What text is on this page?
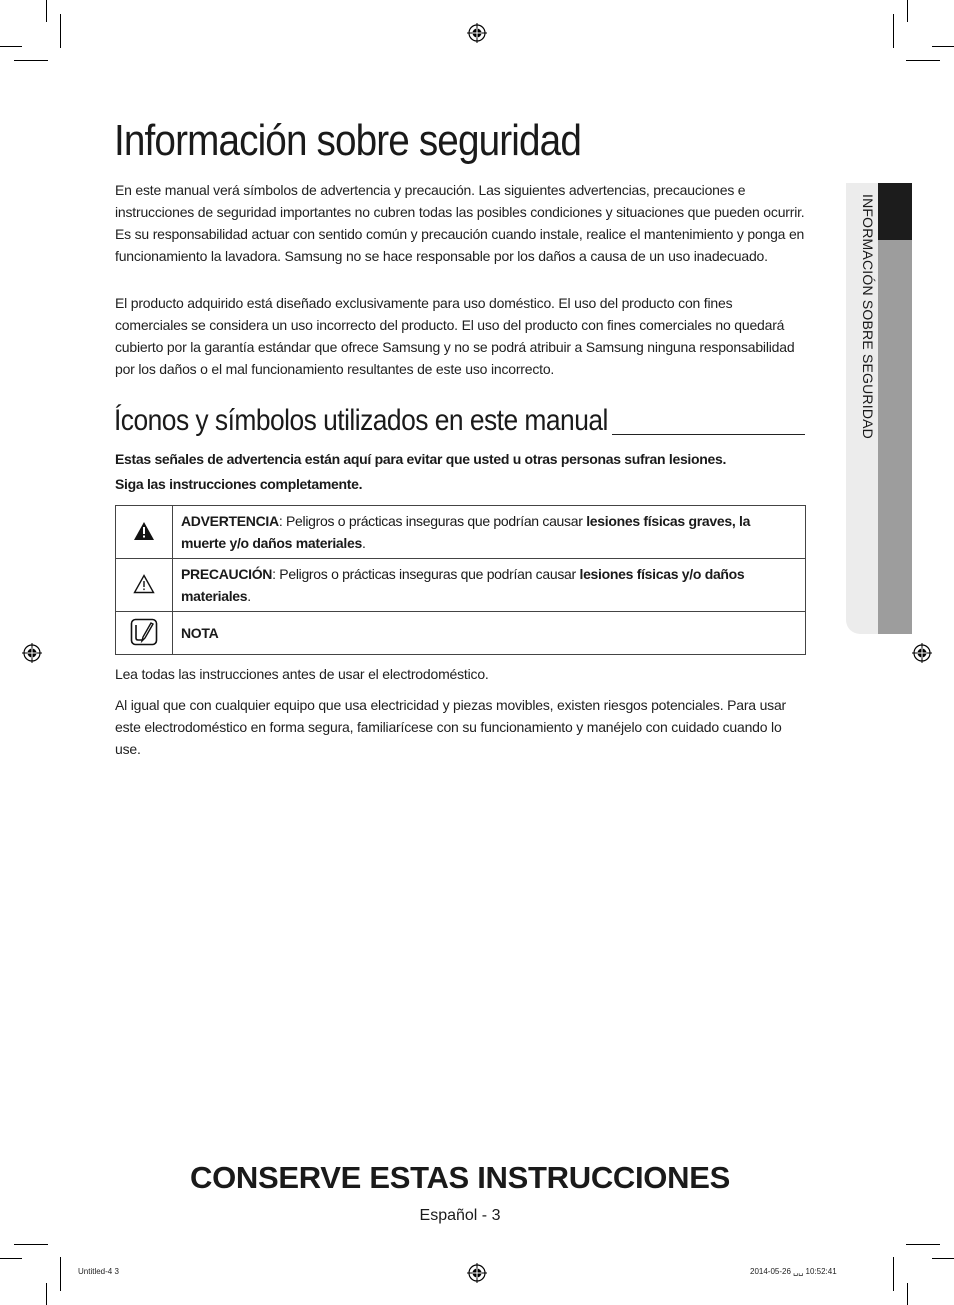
Información sobre seguridad

En este manual verá símbolos de advertencia y precaución. Las siguientes advertencias, precauciones e instrucciones de seguridad importantes no cubren todas las posibles condiciones y situaciones que pueden ocurrir. Es su responsabilidad actuar con sentido común y precaución cuando instale, realice el mantenimiento y ponga en funcionamiento la lavadora. Samsung no se hace responsable por los daños a causa de un uso inadecuado.

El producto adquirido está diseñado exclusivamente para uso doméstico. El uso del producto con fines comerciales se considera un uso incorrecto del producto. El uso del producto con fines comerciales no quedará cubierto por la garantía estándar que ofrece Samsung y no se podrá atribuir a Samsung ninguna responsabilidad por los daños o el mal funcionamiento resultantes de este uso incorrecto.

Íconos y símbolos utilizados en este manual

Estas señales de advertencia están aquí para evitar que usted u otras personas sufran lesiones.

Siga las instrucciones completamente.

	ADVERTENCIA: Peligros o prácticas inseguras que podrían causar lesiones físicas graves, la muerte y/o daños materiales.
	PRECAUCIÓN: Peligros o prácticas inseguras que podrían causar lesiones físicas y/o daños materiales.
	NOTA

Lea todas las instrucciones antes de usar el electrodoméstico.

Al igual que con cualquier equipo que usa electricidad y piezas movibles, existen riesgos potenciales. Para usar este electrodoméstico en forma segura, familiarícese con su funcionamiento y manéjelo con cuidado cuando lo use.

INFORMACIÓN SOBRE SEGURIDAD
CONSERVE ESTAS INSTRUCCIONES
Español - 3
Untitled-4 3	2014-05-26 ␣␣ 10:52:41
